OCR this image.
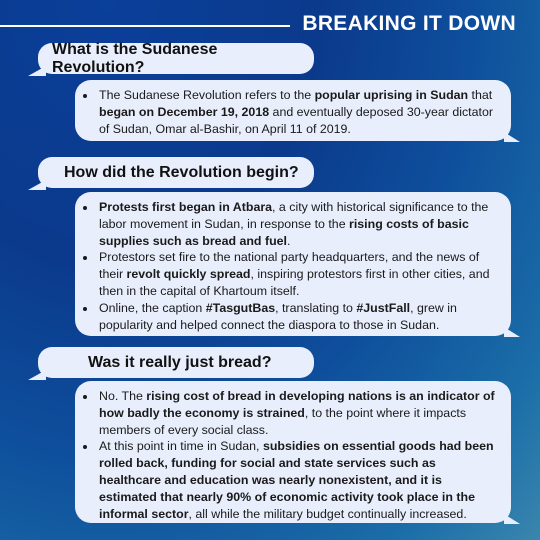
BREAKING IT DOWN
What is the Sudanese Revolution?
• The Sudanese Revolution refers to the popular uprising in Sudan that began on December 19, 2018 and eventually deposed 30-year dictator of Sudan, Omar al-Bashir, on April 11 of 2019.
How did the Revolution begin?
• Protests first began in Atbara, a city with historical significance to the labor movement in Sudan, in response to the rising costs of basic supplies such as bread and fuel.
• Protestors set fire to the national party headquarters, and the news of their revolt quickly spread, inspiring protestors first in other cities, and then in the capital of Khartoum itself.
• Online, the caption #TasgutBas, translating to #JustFall, grew in popularity and helped connect the diaspora to those in Sudan.
Was it really just bread?
• No. The rising cost of bread in developing nations is an indicator of how badly the economy is strained, to the point where it impacts members of every social class.
• At this point in time in Sudan, subsidies on essential goods had been rolled back, funding for social and state services such as healthcare and education was nearly nonexistent, and it is estimated that nearly 90% of economic activity took place in the informal sector, all while the military budget continually increased.
